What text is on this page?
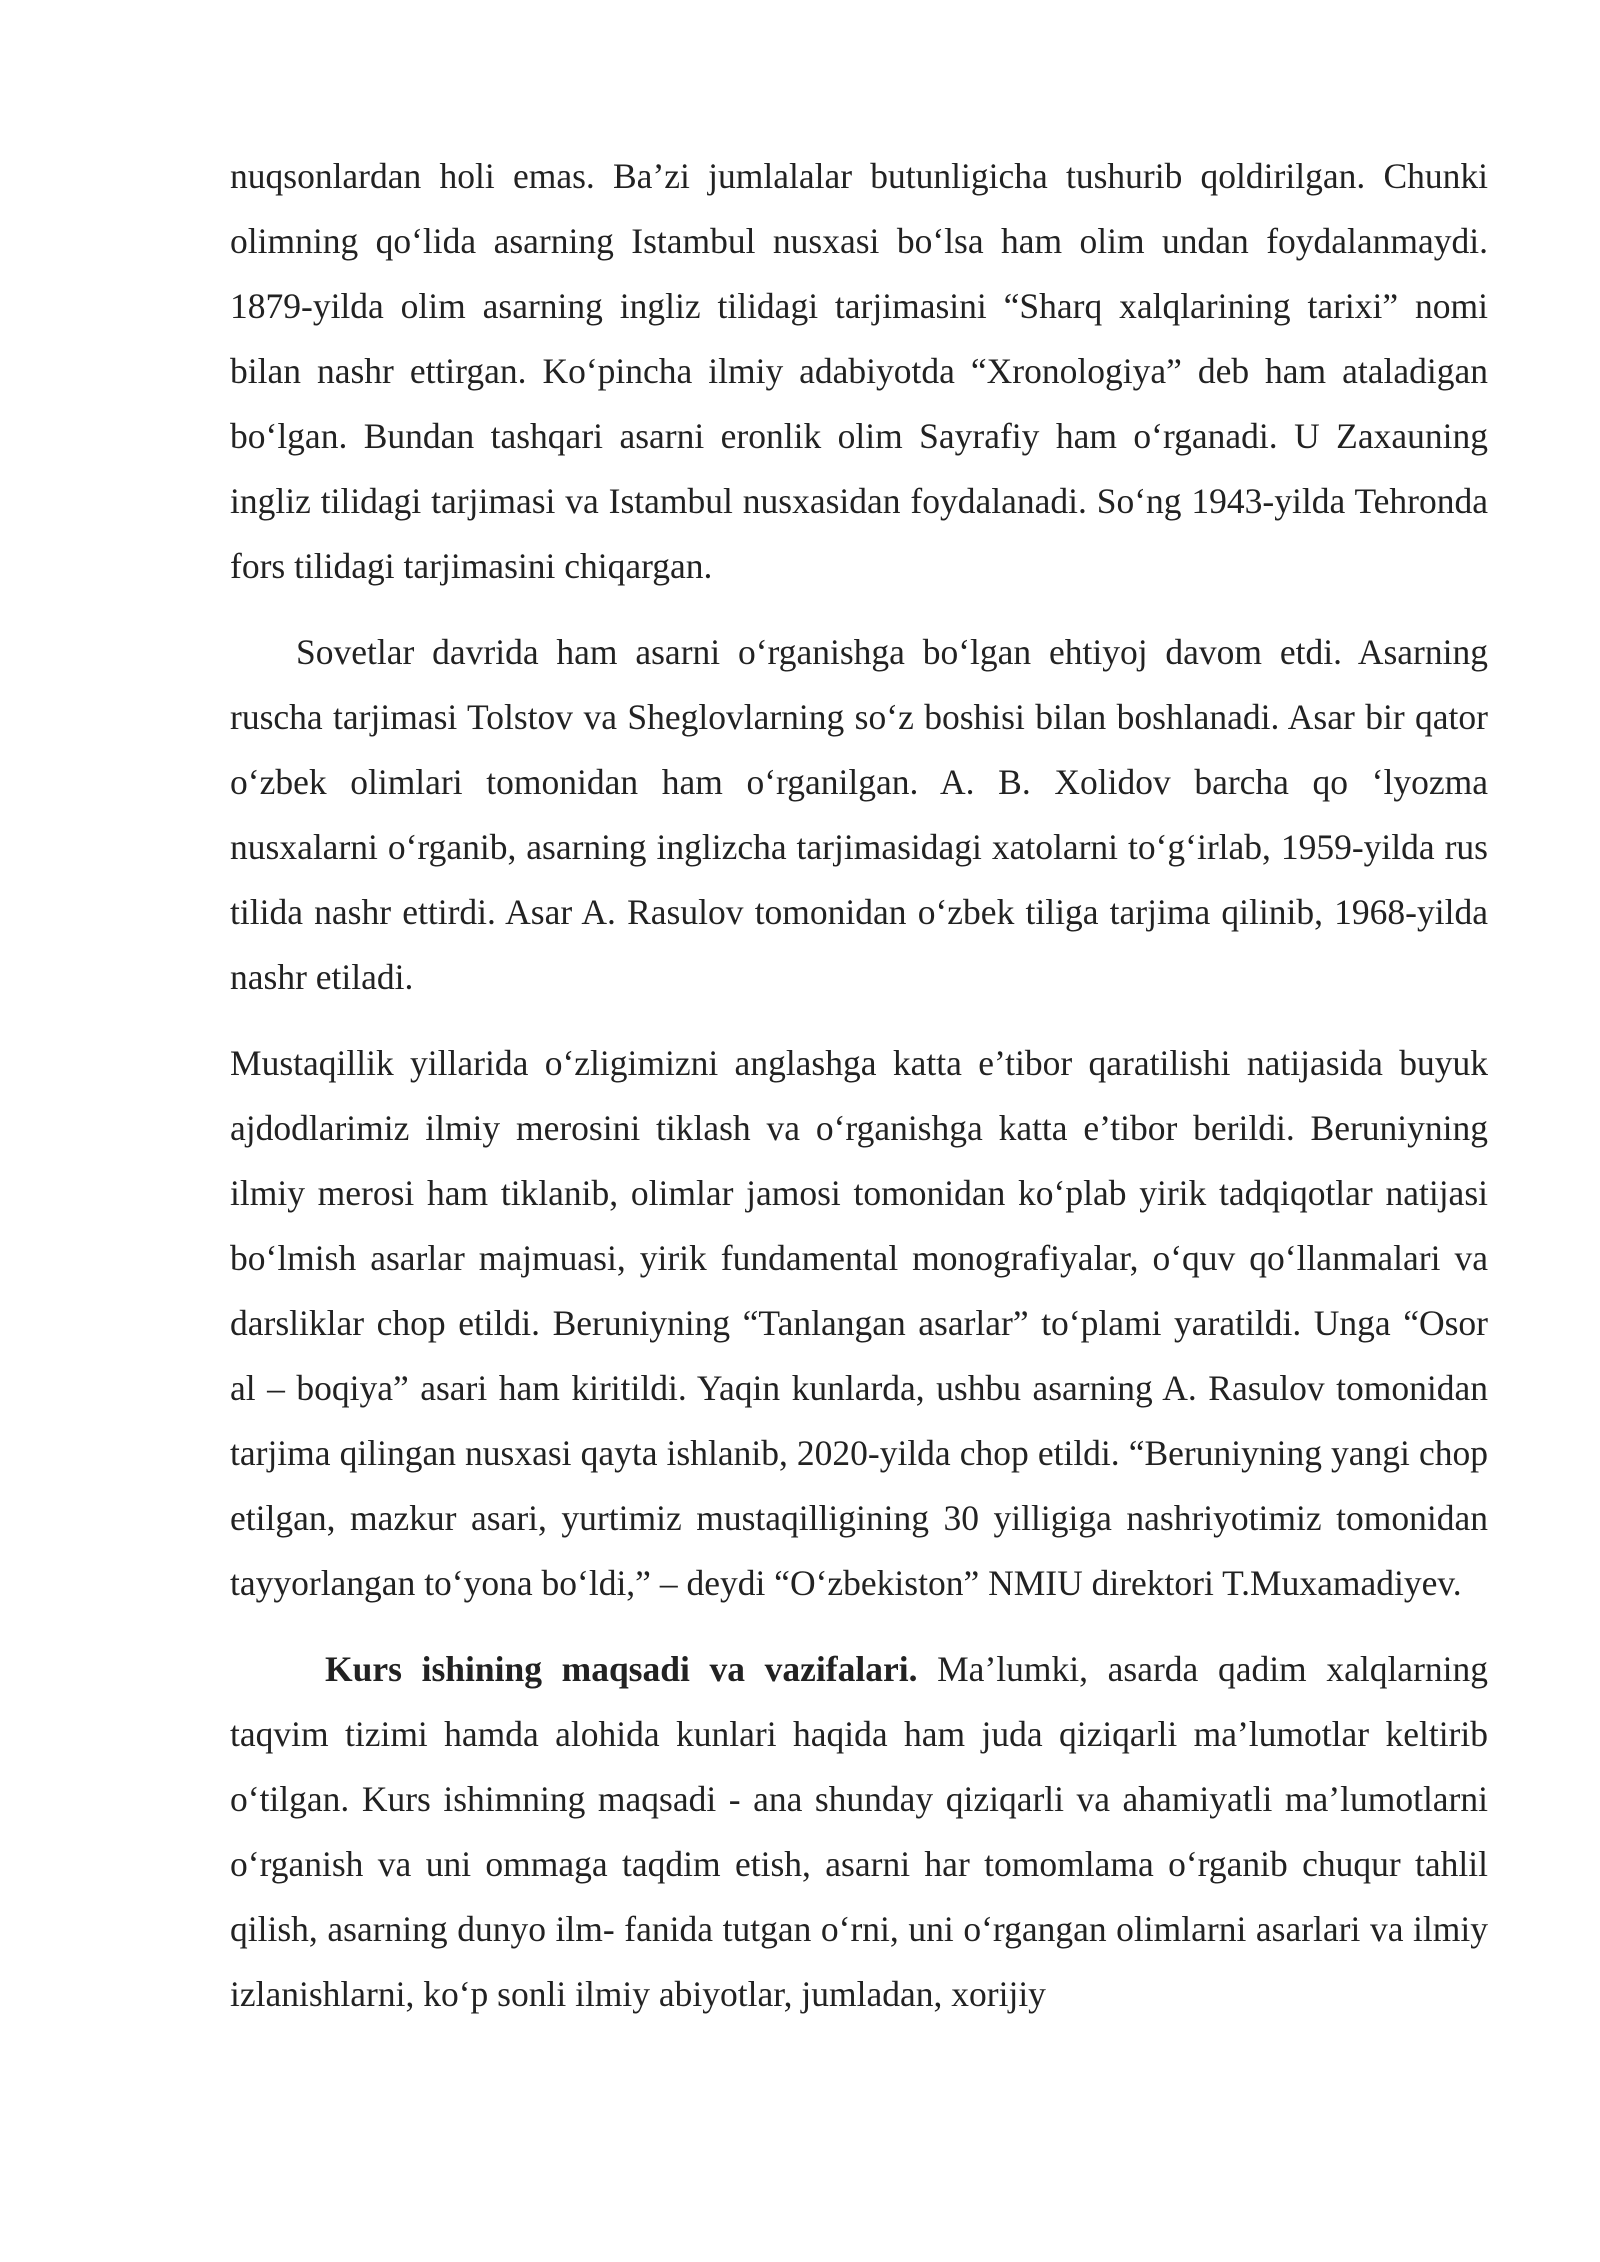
nuqsonlardan holi emas. Ba’zi jumlalalar butunligicha tushurib qoldirilgan. Chunki olimning qo‘lida asarning Istambul nusxasi bo‘lsa ham olim undan foydalanmaydi. 1879-yilda olim asarning ingliz tilidagi tarjimasini “Sharq xalqlarining tarixi” nomi bilan nashr ettirgan. Ko‘pincha ilmiy adabiyotda “Xronologiya” deb ham ataladigan bo‘lgan. Bundan tashqari asarni eronlik olim Sayrafiy ham o‘rganadi. U Zaxauning ingliz tilidagi tarjimasi va Istambul nusxasidan foydalanadi. So‘ng 1943-yilda Tehronda fors tilidagi tarjimasini chiqargan.

Sovetlar davrida ham asarni o‘rganishga bo‘lgan ehtiyoj davom etdi. Asarning ruscha tarjimasi Tolstov va Sheglovlarning so‘z boshisi bilan boshlanadi. Asar bir qator o‘zbek olimlari tomonidan ham o‘rganilgan. A. B. Xolidov barcha qo ‘lyozma nusxalarni o‘rganib, asarning inglizcha tarjimasidagi xatolarni to‘g‘irlab, 1959-yilda rus tilida nashr ettirdi. Asar A. Rasulov tomonidan o‘zbek tiliga tarjima qilinib, 1968-yilda nashr etiladi.

Mustaqillik yillarida o‘zligimizni anglashga katta e’tibor qaratilishi natijasida buyuk ajdodlarimiz ilmiy merosini tiklash va o‘rganishga katta e’tibor berildi. Beruniyning ilmiy merosi ham tiklanib, olimlar jamosi tomonidan ko‘plab yirik tadqiqotlar natijasi bo‘lmish asarlar majmuasi, yirik fundamental monografiyalar, o‘quv qo‘llanmalari va darsliklar chop etildi. Beruniyning “Tanlangan asarlar” to‘plami yaratildi. Unga “Osor al – boqiya” asari ham kiritildi. Yaqin kunlarda, ushbu asarning A. Rasulov tomonidan tarjima qilingan nusxasi qayta ishlanib, 2020-yilda chop etildi. “Beruniyning yangi chop etilgan, mazkur asari, yurtimiz mustaqilligining 30 yilligiga nashriyotimiz tomonidan tayyorlangan to‘yona bo‘ldi,” – deydi “O‘zbekiston” NMIU direktori T.Muxamadiyev.

Kurs ishining maqsadi va vazifalari. Ma’lumki, asarda qadim xalqlarning taqvim tizimi hamda alohida kunlari haqida ham juda qiziqarli ma’lumotlar keltirib o‘tilgan. Kurs ishimning maqsadi - ana shunday qiziqarli va ahamiyatli ma’lumotlarni o‘rganish va uni ommaga taqdim etish, asarni har tomomlama o‘rganib chuqur tahlil qilish, asarning dunyo ilm- fanida tutgan o‘rni, uni o‘rgangan olimlarni asarlari va ilmiy izlanishlarni, ko‘p sonli ilmiy abiyotlar, jumladan, xorijiy
